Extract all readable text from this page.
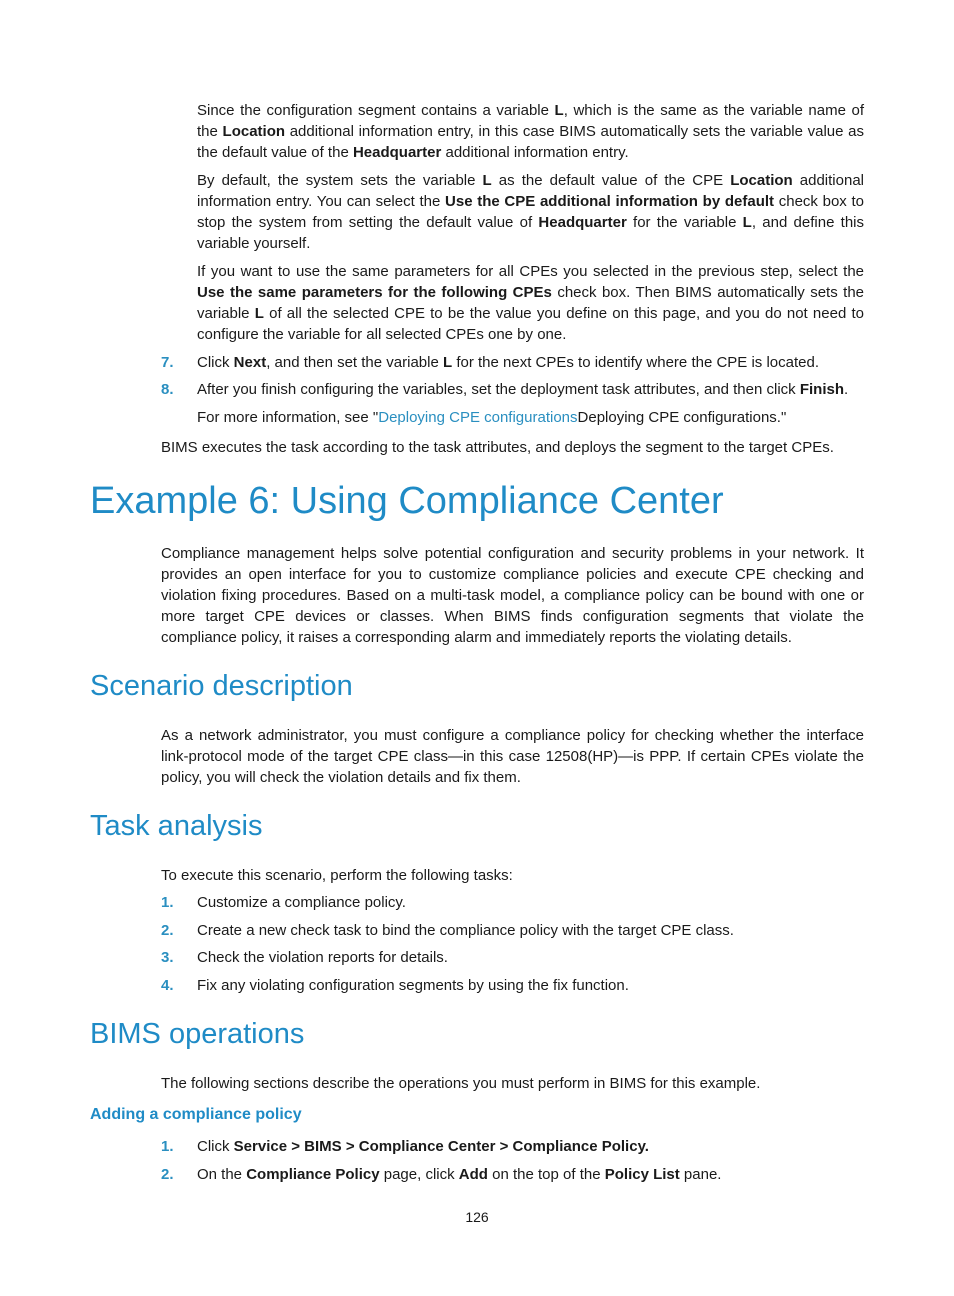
Since the configuration segment contains a variable L, which is the same as the variable name of the Location additional information entry, in this case BIMS automatically sets the variable value as the default value of the Headquarter additional information entry.

By default, the system sets the variable L as the default value of the CPE Location additional information entry. You can select the Use the CPE additional information by default check box to stop the system from setting the default value of Headquarter for the variable L, and define this variable yourself.

If you want to use the same parameters for all CPEs you selected in the previous step, select the Use the same parameters for the following CPEs check box. Then BIMS automatically sets the variable L of all the selected CPE to be the value you define on this page, and you do not need to configure the variable for all selected CPEs one by one.

7. Click Next, and then set the variable L for the next CPEs to identify where the CPE is located.

8. After you finish configuring the variables, set the deployment task attributes, and then click Finish.

For more information, see "Deploying CPE configurationsDeploying CPE configurations."

BIMS executes the task according to the task attributes, and deploys the segment to the target CPEs.

Example 6: Using Compliance Center

Compliance management helps solve potential configuration and security problems in your network. It provides an open interface for you to customize compliance policies and execute CPE checking and violation fixing procedures. Based on a multi-task model, a compliance policy can be bound with one or more target CPE devices or classes. When BIMS finds configuration segments that violate the compliance policy, it raises a corresponding alarm and immediately reports the violating details.

Scenario description

As a network administrator, you must configure a compliance policy for checking whether the interface link-protocol mode of the target CPE class—in this case 12508(HP)—is PPP. If certain CPEs violate the policy, you will check the violation details and fix them.

Task analysis

To execute this scenario, perform the following tasks:

1. Customize a compliance policy.

2. Create a new check task to bind the compliance policy with the target CPE class.

3. Check the violation reports for details.

4. Fix any violating configuration segments by using the fix function.

BIMS operations

The following sections describe the operations you must perform in BIMS for this example.

Adding a compliance policy
1. Click Service > BIMS > Compliance Center > Compliance Policy.

2. On the Compliance Policy page, click Add on the top of the Policy List pane.

126
